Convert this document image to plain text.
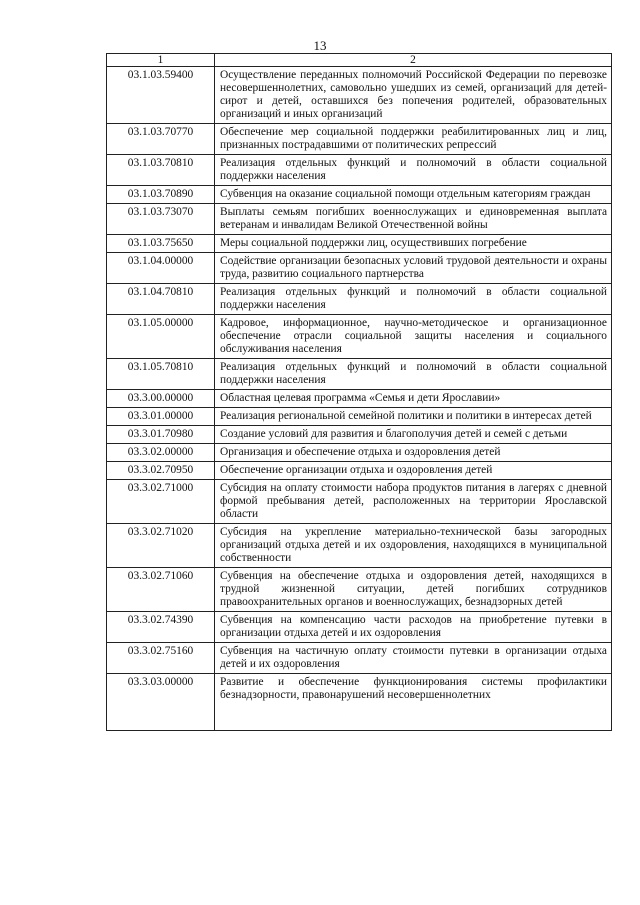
13
1	2
03.1.03.59400	Осуществление переданных полномочий Российской Федерации по перевозке несовершеннолетних, самовольно ушедших из семей, организаций для детей-сирот и детей, оставшихся без попечения родителей, образовательных организаций и иных организаций
03.1.03.70770	Обеспечение мер социальной поддержки реабилитированных лиц и лиц, признанных пострадавшими от политических репрессий
03.1.03.70810	Реализация отдельных функций и полномочий в области социальной поддержки населения
03.1.03.70890	Субвенция на оказание социальной помощи отдельным категориям граждан
03.1.03.73070	Выплаты семьям погибших военнослужащих и единовременная выплата ветеранам и инвалидам Великой Отечественной войны
03.1.03.75650	Меры социальной поддержки лиц, осуществивших погребение
03.1.04.00000	Содействие организации безопасных условий трудовой деятельности и охраны труда, развитию социального партнерства
03.1.04.70810	Реализация отдельных функций и полномочий в области социальной поддержки населения
03.1.05.00000	Кадровое, информационное, научно-методическое и организационное обеспечение отрасли социальной защиты населения и социального обслуживания населения
03.1.05.70810	Реализация отдельных функций и полномочий в области социальной поддержки населения
03.3.00.00000	Областная целевая программа «Семья и дети Ярославии»
03.3.01.00000	Реализация региональной семейной политики и политики в интересах детей
03.3.01.70980	Создание условий для развития и благополучия детей и семей с детьми
03.3.02.00000	Организация и обеспечение отдыха и оздоровления детей
03.3.02.70950	Обеспечение организации отдыха и оздоровления детей
03.3.02.71000	Субсидия на оплату стоимости набора продуктов питания в лагерях с дневной формой пребывания детей, расположенных на территории Ярославской области
03.3.02.71020	Субсидия на укрепление материально-технической базы загородных организаций отдыха детей и их оздоровления, находящихся в муниципальной собственности
03.3.02.71060	Субвенция на обеспечение отдыха и оздоровления детей, находящихся в трудной жизненной ситуации, детей погибших сотрудников правоохранительных органов и военнослужащих, безнадзорных детей
03.3.02.74390	Субвенция на компенсацию части расходов на приобретение путевки в организации отдыха детей и их оздоровления
03.3.02.75160	Субвенция на частичную оплату стоимости путевки в организации отдыха детей и их оздоровления
03.3.03.00000	Развитие и обеспечение функционирования системы профилактики безнадзорности, правонарушений несовершеннолетних
